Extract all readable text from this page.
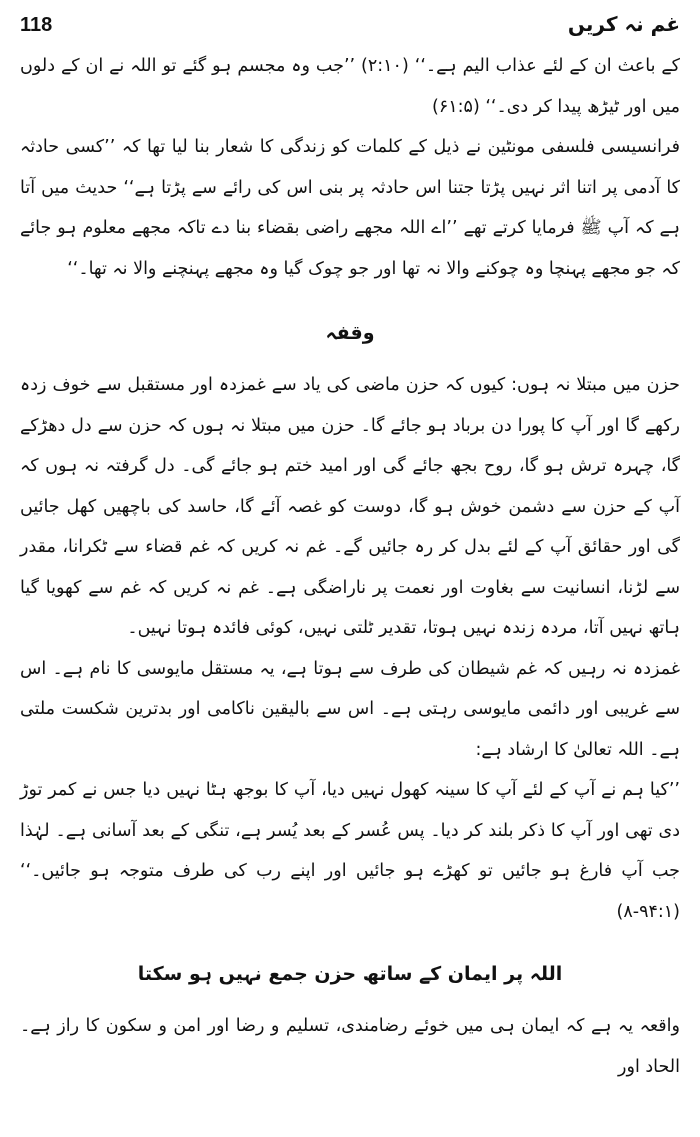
118	غم نہ کریں

کے باعث ان کے لئے عذاب الیم ہے۔‘‘ (۲:۱۰) ’’جب وہ مجسم ہو گئے تو اللہ نے ان کے دلوں میں اور ٹیڑھ پیدا کر دی۔‘‘ (۶۱:۵)

فرانسیسی فلسفی مونٹین نے ذیل کے کلمات کو زندگی کا شعار بنا لیا تھا کہ ’’کسی حادثہ کا آدمی پر اتنا اثر نہیں پڑتا جتنا اس حادثہ پر بنی اس کی رائے سے پڑتا ہے‘‘ حدیث میں آتا ہے کہ آپ ﷺ فرمایا کرتے تھے ’’اے اللہ مجھے راضی بقضاء بنا دے تاکہ مجھے معلوم ہو جائے کہ جو مجھے پہنچا وہ چوکنے والا نہ تھا اور جو چوک گیا وہ مجھے پہنچنے والا نہ تھا۔‘‘

وقفہ

حزن میں مبتلا نہ ہوں: کیوں کہ حزن ماضی کی یاد سے غمزدہ اور مستقبل سے خوف زدہ رکھے گا اور آپ کا پورا دن برباد ہو جائے گا۔ حزن میں مبتلا نہ ہوں کہ حزن سے دل دھڑکے گا، چہرہ ترش ہو گا، روح بجھ جائے گی اور امید ختم ہو جائے گی۔ دل گرفتہ نہ ہوں کہ آپ کے حزن سے دشمن خوش ہو گا، دوست کو غصہ آئے گا، حاسد کی باچھیں کھل جائیں گی اور حقائق آپ کے لئے بدل کر رہ جائیں گے۔ غم نہ کریں کہ غم قضاء سے ٹکرانا، مقدر سے لڑنا، انسانیت سے بغاوت اور نعمت پر ناراضگی ہے۔ غم نہ کریں کہ غم سے کھویا گیا ہاتھ نہیں آتا، مردہ زندہ نہیں ہوتا، تقدیر ٹلتی نہیں، کوئی فائدہ ہوتا نہیں۔

غمزدہ نہ رہیں کہ غم شیطان کی طرف سے ہوتا ہے، یہ مستقل مایوسی کا نام ہے۔ اس سے غریبی اور دائمی مایوسی رہتی ہے۔ اس سے بالیقین ناکامی اور بدترین شکست ملتی ہے۔ اللہ تعالیٰ کا ارشاد ہے:

’’کیا ہم نے آپ کے لئے آپ کا سینہ کھول نہیں دیا، آپ کا بوجھ ہٹا نہیں دیا جس نے کمر توڑ دی تھی اور آپ کا ذکر بلند کر دیا۔ پس عُسر کے بعد یُسر ہے، تنگی کے بعد آسانی ہے۔ لہٰذا جب آپ فارغ ہو جائیں تو کھڑے ہو جائیں اور اپنے رب کی طرف متوجہ ہو جائیں۔‘‘ (۹۴:۱-۸)

اللہ پر ایمان کے ساتھ حزن جمع نہیں ہو سکتا

واقعہ یہ ہے کہ ایمان ہی میں خوئے رضامندی، تسلیم و رضا اور امن و سکون کا راز ہے۔ الحاد اور
